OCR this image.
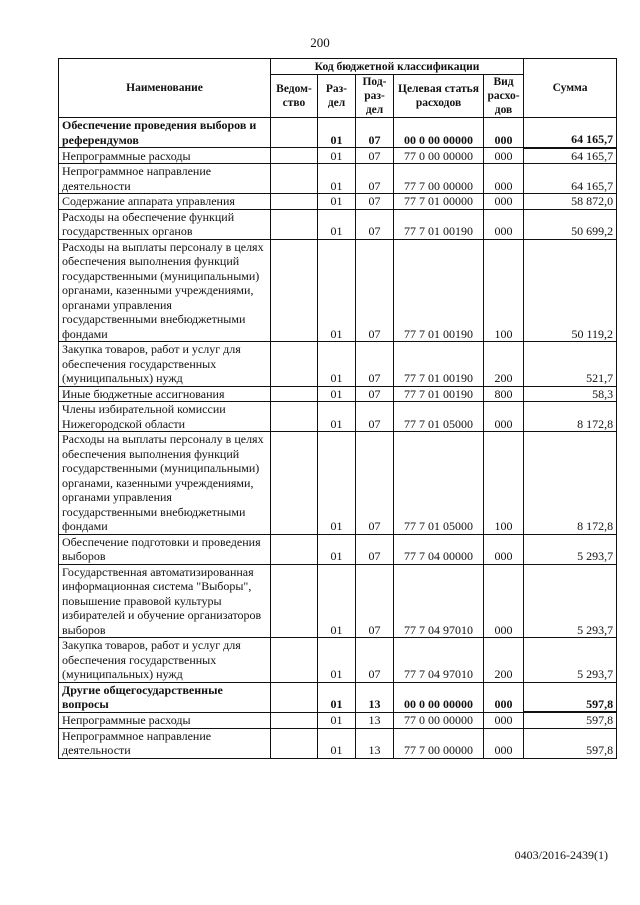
200
Наименование	Код бюджетной классификации					Сумма
	Ведом-ство	Раз-дел	Под-раз-дел	Целевая статья расходов	Вид расхо-дов	
Обеспечение проведения выборов и референдумов		01	07	00 0 00 00000	000	64 165,7
Непрограммные расходы		01	07	77 0 00 00000	000	64 165,7
Непрограммное направление деятельности		01	07	77 7 00 00000	000	64 165,7
Содержание аппарата управления		01	07	77 7 01 00000	000	58 872,0
Расходы на обеспечение функций государственных органов		01	07	77 7 01 00190	000	50 699,2
Расходы на выплаты персоналу в целях обеспечения выполнения функций государственными (муниципальными) органами, казенными учреждениями, органами управления государственными внебюджетными фондами		01	07	77 7 01 00190	100	50 119,2
Закупка товаров, работ и услуг для обеспечения государственных (муниципальных) нужд		01	07	77 7 01 00190	200	521,7
Иные бюджетные ассигнования		01	07	77 7 01 00190	800	58,3
Члены избирательной комиссии Нижегородской области		01	07	77 7 01 05000	000	8 172,8
Расходы на выплаты персоналу в целях обеспечения выполнения функций государственными (муниципальными) органами, казенными учреждениями, органами управления государственными внебюджетными фондами		01	07	77 7 01 05000	100	8 172,8
Обеспечение подготовки и проведения выборов		01	07	77 7 04 00000	000	5 293,7
Государственная автоматизированная информационная система "Выборы", повышение правовой культуры избирателей и обучение организаторов выборов		01	07	77 7 04 97010	000	5 293,7
Закупка товаров, работ и услуг для обеспечения государственных (муниципальных) нужд		01	07	77 7 04 97010	200	5 293,7
Другие общегосударственные вопросы		01	13	00 0 00 00000	000	597,8
Непрограммные расходы		01	13	77 0 00 00000	000	597,8
Непрограммное направление деятельности		01	13	77 7 00 00000	000	597,8
0403/2016-2439(1)
